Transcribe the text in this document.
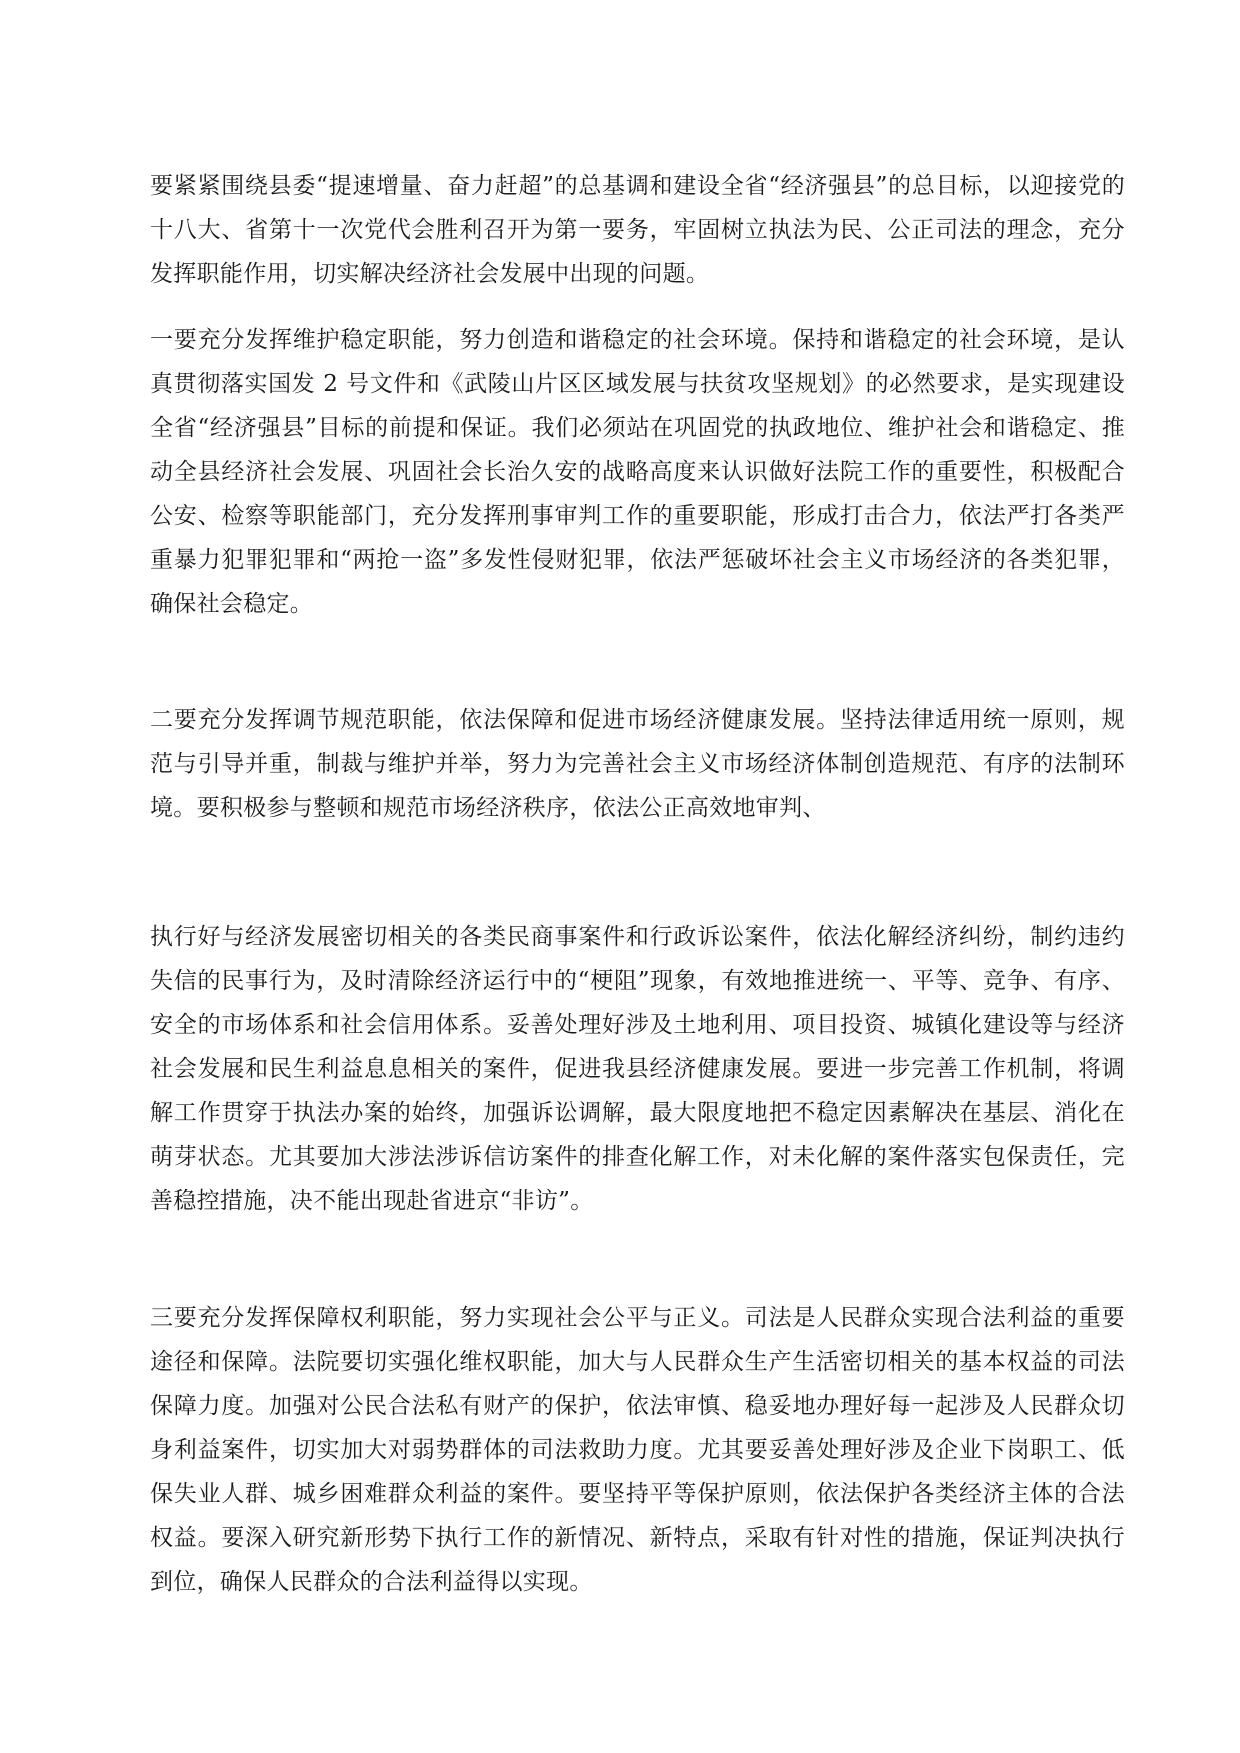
要紧紧围绕县委“提速增量、奋力赶超”的总基调和建设全省“经济强县”的总目标，以迎接党的十八大、省第十一次党代会胜利召开为第一要务，牢固树立执法为民、公正司法的理念，充分发挥职能作用，切实解决经济社会发展中出现的问题。

一要充分发挥维护稳定职能，努力创造和谐稳定的社会环境。保持和谐稳定的社会环境，是认真贯彻落实国发 2 号文件和《武陵山片区区域发展与扶贫攻坚规划》的必然要求，是实现建设全省“经济强县”目标的前提和保证。我们必须站在巩固党的执政地位、维护社会和谐稳定、推动全县经济社会发展、巩固社会长治久安的战略高度来认识做好法院工作的重要性，积极配合公安、检察等职能部门，充分发挥刑事审判工作的重要职能，形成打击合力，依法严打各类严重暴力犯罪犯罪和“两抢一盗”多发性侵财犯罪，依法严惩破坏社会主义市场经济的各类犯罪，确保社会稳定。

二要充分发挥调节规范职能，依法保障和促进市场经济健康发展。坚持法律适用统一原则，规范与引导并重，制裁与维护并举，努力为完善社会主义市场经济体制创造规范、有序的法制环境。要积极参与整顿和规范市场经济秩序，依法公正高效地审判、

执行好与经济发展密切相关的各类民商事案件和行政诉讼案件，依法化解经济纠纷，制约违约失信的民事行为，及时清除经济运行中的“梗阻”现象，有效地推进统一、平等、竞争、有序、安全的市场体系和社会信用体系。妥善处理好涉及土地利用、项目投资、城镇化建设等与经济社会发展和民生利益息息相关的案件，促进我县经济健康发展。要进一步完善工作机制，将调解工作贯穿于执法办案的始终，加强诉讼调解，最大限度地把不稳定因素解决在基层、消化在萌芽状态。尤其要加大涉法涉诉信访案件的排查化解工作，对未化解的案件落实包保责任，完善稳控措施，决不能出现赴省进京“非访”。

三要充分发挥保障权利职能，努力实现社会公平与正义。司法是人民群众实现合法利益的重要途径和保障。法院要切实强化维权职能，加大与人民群众生产生活密切相关的基本权益的司法保障力度。加强对公民合法私有财产的保护，依法审慎、稳妥地办理好每一起涉及人民群众切身利益案件，切实加大对弱势群体的司法救助力度。尤其要妥善处理好涉及企业下岗职工、低保失业人群、城乡困难群众利益的案件。要坚持平等保护原则，依法保护各类经济主体的合法权益。要深入研究新形势下执行工作的新情况、新特点，采取有针对性的措施，保证判决执行到位，确保人民群众的合法利益得以实现。
